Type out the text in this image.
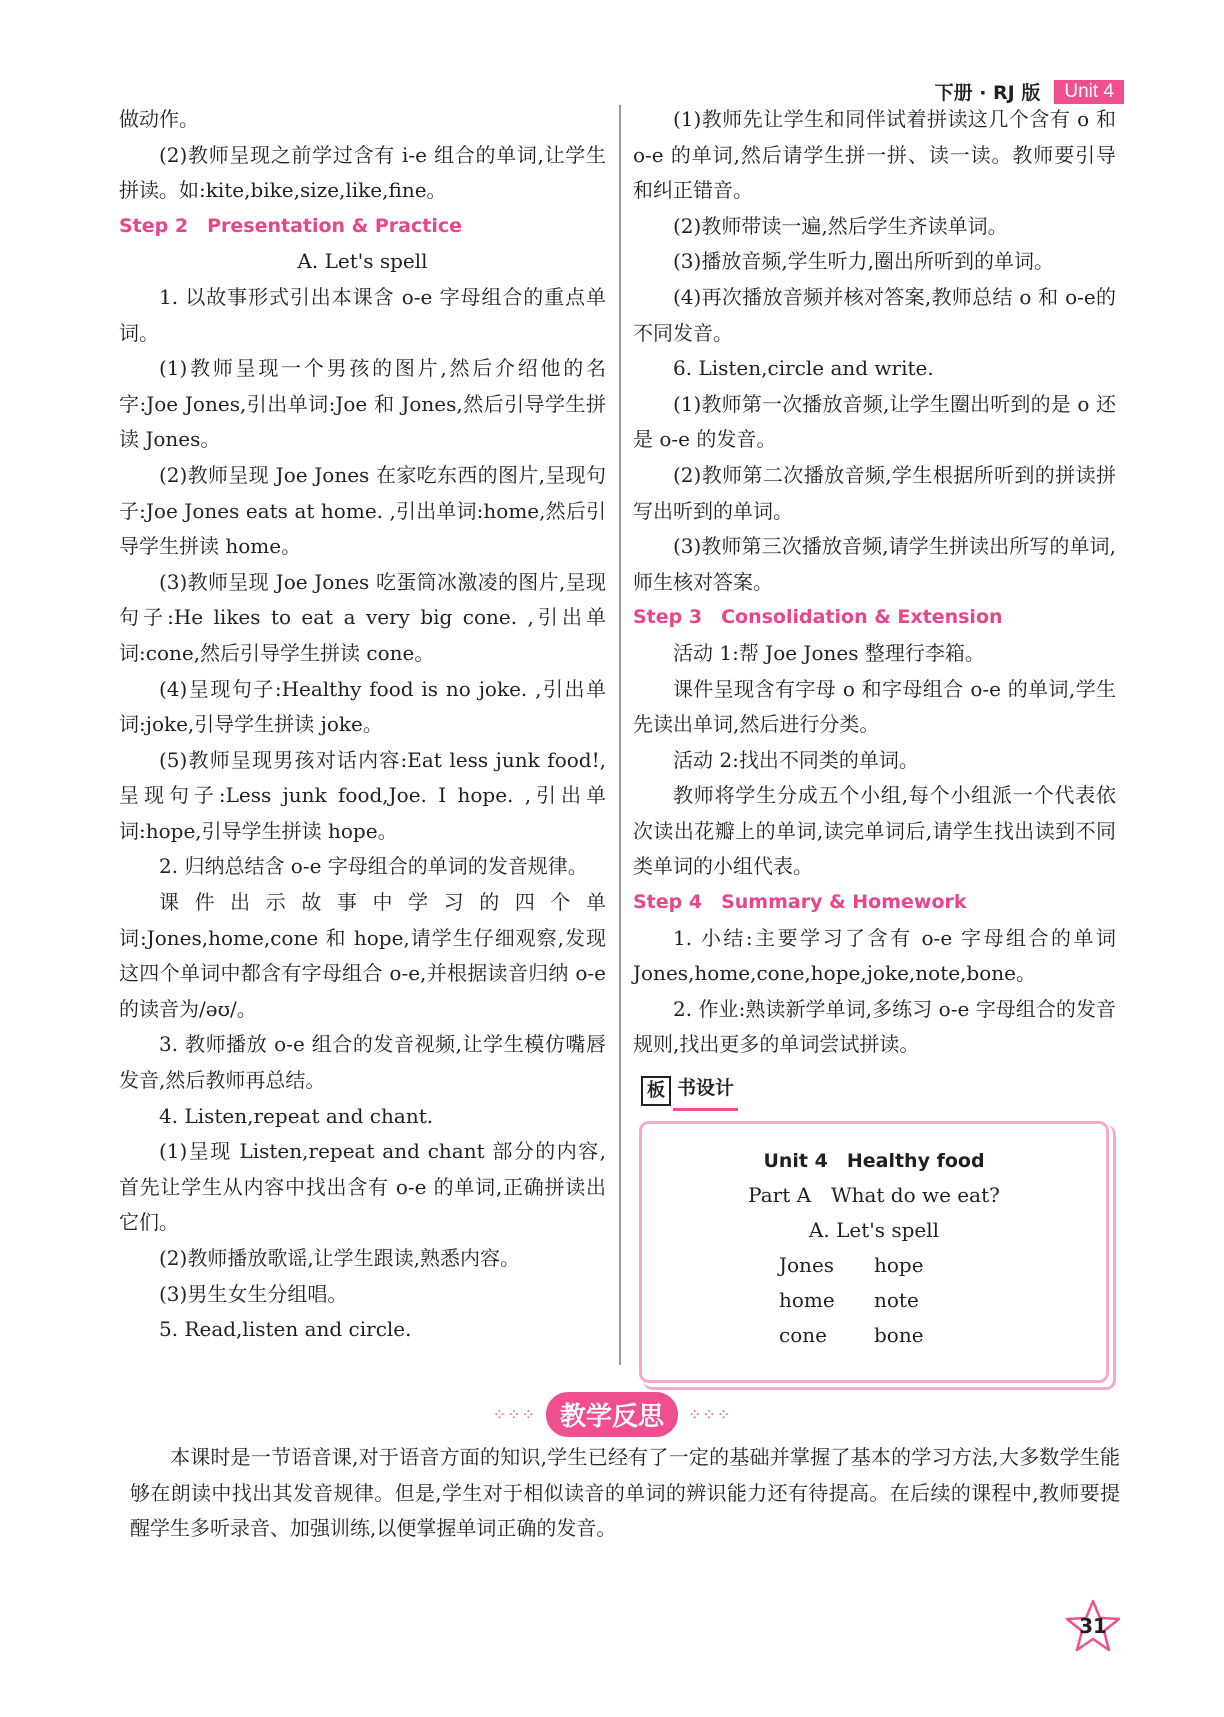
下册 · RJ 版	Unit 4

做动作。

(2)教师呈现之前学过含有 i-e 组合的单词,让学生拼读。如:kite,bike,size,like,fine。

Step 2　Presentation & Practice

A. Let's spell

1. 以故事形式引出本课含 o-e 字母组合的重点单词。

(1)教师呈现一个男孩的图片,然后介绍他的名字:Joe Jones,引出单词:Joe 和 Jones,然后引导学生拼读 Jones。

(2)教师呈现 Joe Jones 在家吃东西的图片,呈现句子:Joe Jones eats at home. ,引出单词:home,然后引导学生拼读 home。

(3)教师呈现 Joe Jones 吃蛋筒冰激凌的图片,呈现句子:He likes to eat a very big cone. ,引出单词:cone,然后引导学生拼读 cone。

(4)呈现句子:Healthy food is no joke. ,引出单词:joke,引导学生拼读 joke。

(5)教师呈现男孩对话内容:Eat less junk food!,呈现句子:Less junk food,Joe. I hope. ,引出单词:hope,引导学生拼读 hope。

2. 归纳总结含 o-e 字母组合的单词的发音规律。

课件出示故事中学习的四个单词:Jones,home,cone 和 hope,请学生仔细观察,发现这四个单词中都含有字母组合 o-e,并根据读音归纳 o-e 的读音为/əʊ/。

3. 教师播放 o-e 组合的发音视频,让学生模仿嘴唇发音,然后教师再总结。

4. Listen,repeat and chant.

(1)呈现 Listen,repeat and chant 部分的内容,首先让学生从内容中找出含有 o-e 的单词,正确拼读出它们。

(2)教师播放歌谣,让学生跟读,熟悉内容。

(3)男生女生分组唱。

5. Read,listen and circle.

(1)教师先让学生和同伴试着拼读这几个含有 o 和 o-e 的单词,然后请学生拼一拼、读一读。教师要引导和纠正错音。

(2)教师带读一遍,然后学生齐读单词。

(3)播放音频,学生听力,圈出所听到的单词。

(4)再次播放音频并核对答案,教师总结 o 和 o-e的不同发音。

6. Listen,circle and write.

(1)教师第一次播放音频,让学生圈出听到的是 o 还是 o-e 的发音。

(2)教师第二次播放音频,学生根据所听到的拼读拼写出听到的单词。

(3)教师第三次播放音频,请学生拼读出所写的单词,师生核对答案。

Step 3　Consolidation & Extension

活动 1:帮 Joe Jones 整理行李箱。

课件呈现含有字母 o 和字母组合 o-e 的单词,学生先读出单词,然后进行分类。

活动 2:找出不同类的单词。

教师将学生分成五个小组,每个小组派一个代表依次读出花瓣上的单词,读完单词后,请学生找出读到不同类单词的小组代表。

Step 4　Summary & Homework

1. 小结:主要学习了含有 o-e 字母组合的单词 Jones,home,cone,hope,joke,note,bone。

2. 作业:熟读新学单词,多练习 o-e 字母组合的发音规则,找出更多的单词尝试拼读。

板 书设计
Unit 4　Healthy food
Part A　What do we eat?
A. Let's spell
Jones	hope
home	note
cone	bone
⁘⁘⁘ 教学反思	⁘⁘⁘

本课时是一节语音课,对于语音方面的知识,学生已经有了一定的基础并掌握了基本的学习方法,大多数学生能够在朗读中找出其发音规律。但是,学生对于相似读音的单词的辨识能力还有待提高。在后续的课程中,教师要提醒学生多听录音、加强训练,以便掌握单词正确的发音。

31
